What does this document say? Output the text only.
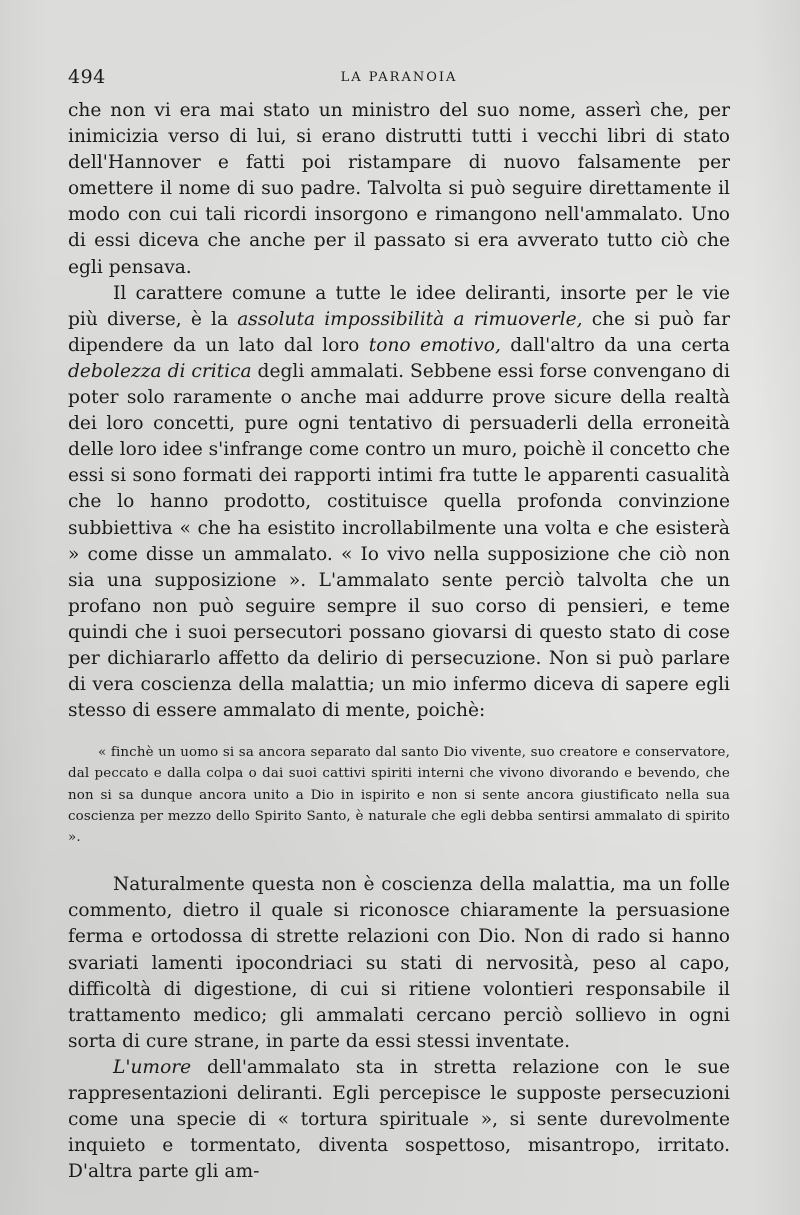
494	LA PARANOIA

che non vi era mai stato un ministro del suo nome, asserì che, per inimicizia verso di lui, si erano distrutti tutti i vecchi libri di stato dell'Hannover e fatti poi ristampare di nuovo falsamente per omettere il nome di suo padre. Talvolta si può seguire direttamente il modo con cui tali ricordi insorgono e rimangono nell'ammalato. Uno di essi diceva che anche per il passato si era avverato tutto ciò che egli pensava.

Il carattere comune a tutte le idee deliranti, insorte per le vie più diverse, è la assoluta impossibilità a rimuoverle, che si può far dipendere da un lato dal loro tono emotivo, dall'altro da una certa debolezza di critica degli ammalati. Sebbene essi forse convengano di poter solo raramente o anche mai addurre prove sicure della realtà dei loro concetti, pure ogni tentativo di persuaderli della erroneità delle loro idee s'infrange come contro un muro, poichè il concetto che essi si sono formati dei rapporti intimi fra tutte le apparenti casualità che lo hanno prodotto, costituisce quella profonda convinzione subbiettiva « che ha esistito incrollabilmente una volta e che esisterà » come disse un ammalato. « Io vivo nella supposizione che ciò non sia una supposizione ». L'ammalato sente perciò talvolta che un profano non può seguire sempre il suo corso di pensieri, e teme quindi che i suoi persecutori possano giovarsi di questo stato di cose per dichiararlo affetto da delirio di persecuzione. Non si può parlare di vera coscienza della malattia; un mio infermo diceva di sapere egli stesso di essere ammalato di mente, poichè:

« finchè un uomo si sa ancora separato dal santo Dio vivente, suo creatore e conservatore, dal peccato e dalla colpa o dai suoi cattivi spiriti interni che vivono divorando e bevendo, che non si sa dunque ancora unito a Dio in ispirito e non si sente ancora giustificato nella sua coscienza per mezzo dello Spirito Santo, è naturale che egli debba sentirsi ammalato di spirito ».

Naturalmente questa non è coscienza della malattia, ma un folle commento, dietro il quale si riconosce chiaramente la persuasione ferma e ortodossa di strette relazioni con Dio. Non di rado si hanno svariati lamenti ipocondriaci su stati di nervosità, peso al capo, difficoltà di digestione, di cui si ritiene volontieri responsabile il trattamento medico; gli ammalati cercano perciò sollievo in ogni sorta di cure strane, in parte da essi stessi inventate.

L'umore dell'ammalato sta in stretta relazione con le sue rappresentazioni deliranti. Egli percepisce le supposte persecuzioni come una specie di « tortura spirituale », si sente durevolmente inquieto e tormentato, diventa sospettoso, misantropo, irritato. D'altra parte gli am-
